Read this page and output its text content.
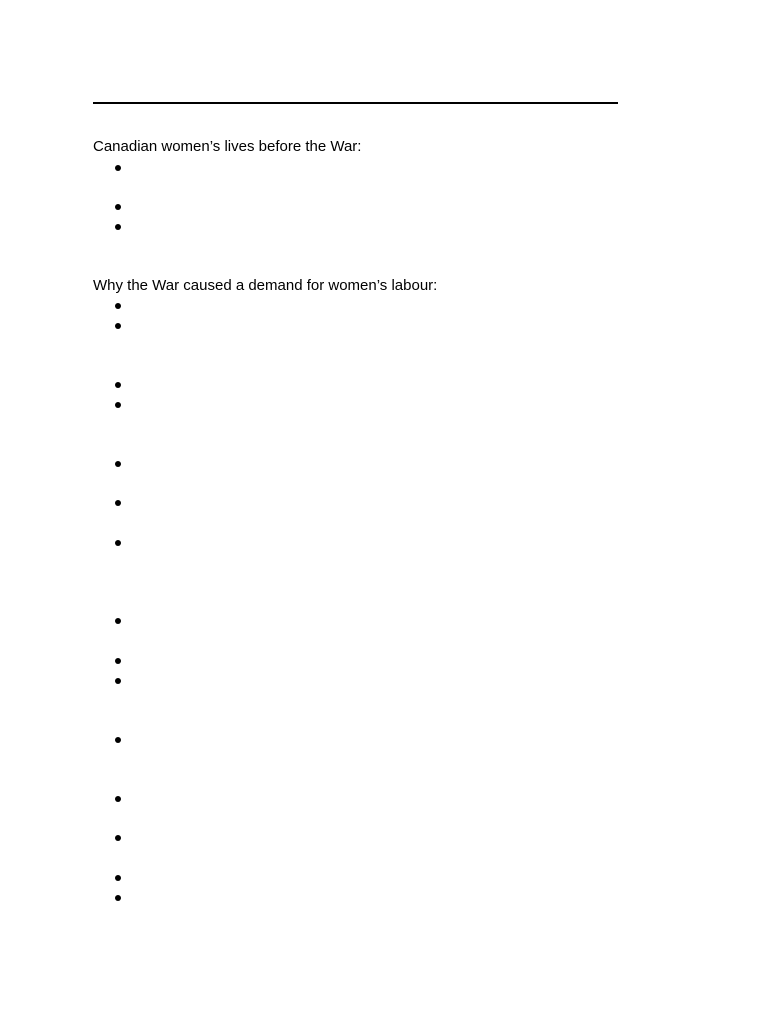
Canadian women’s lives before the War:
Why the War caused a demand for women’s labour:
